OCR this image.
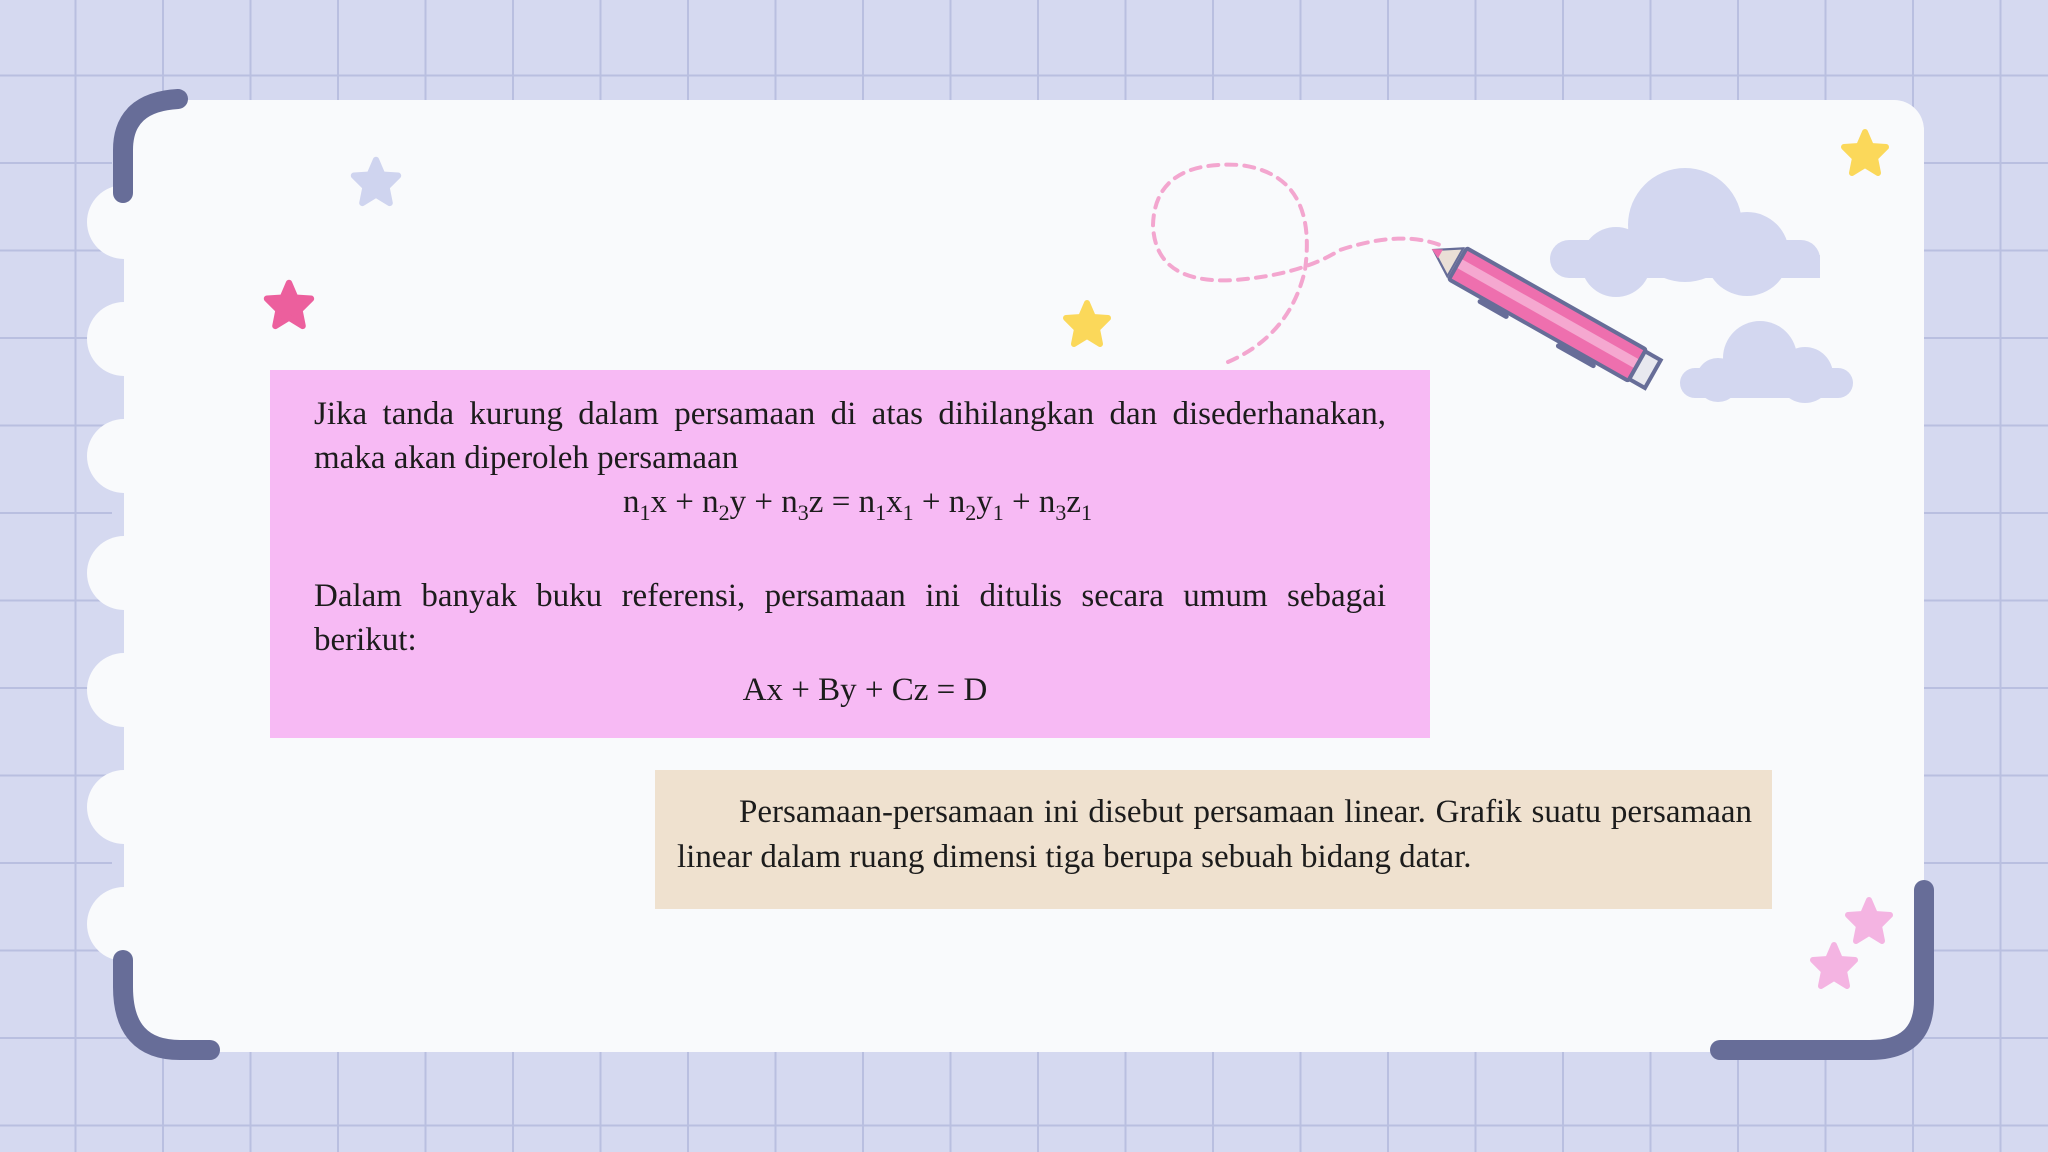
Jika tanda kurung dalam persamaan di atas dihilangkan dan disederhanakan, maka akan diperoleh persamaan

$n_1x + n_2y + n_3z = n_1x_1 + n_2y_1 + n_3z_1$

Dalam banyak buku referensi, persamaan ini ditulis secara umum sebagai berikut:

Ax + By + Cz = D

Persamaan-persamaan ini disebut persamaan linear. Grafik suatu persamaan linear dalam ruang dimensi tiga berupa sebuah bidang datar.
